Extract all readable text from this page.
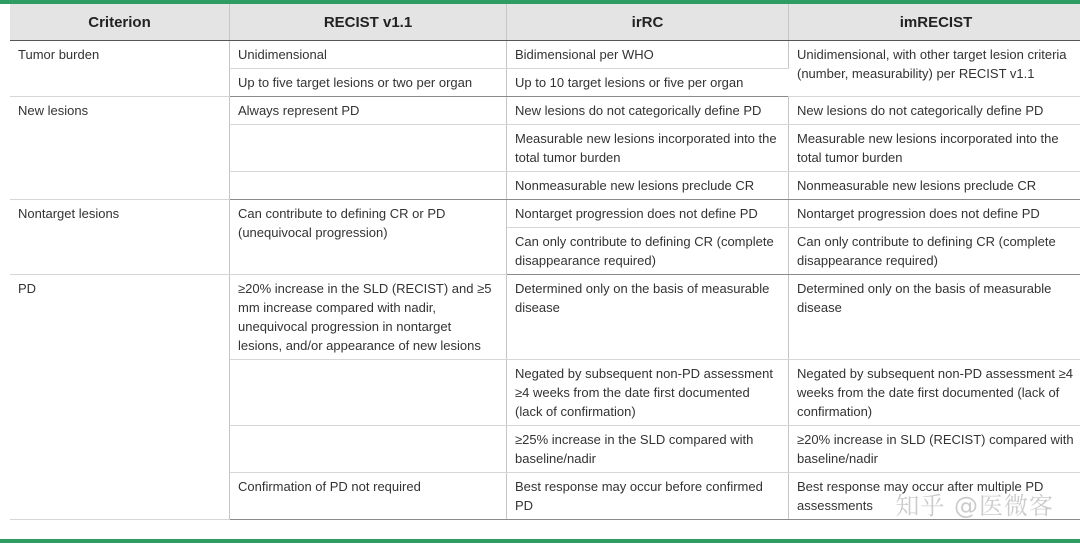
Criterion	RECIST v1.1	irRC	imRECIST
Tumor burden	Unidimensional	Bidimensional per WHO	Unidimensional, with other target lesion criteria (number, measurability) per RECIST v1.1
	Up to five target lesions or two per organ	Up to 10 target lesions or five per organ	
New lesions	Always represent PD	New lesions do not categorically define PD	New lesions do not categorically define PD
		Measurable new lesions incorporated into the total tumor burden	Measurable new lesions incorporated into the total tumor burden
		Nonmeasurable new lesions preclude CR	Nonmeasurable new lesions preclude CR
Nontarget lesions	Can contribute to defining CR or PD (unequivocal progression)	Nontarget progression does not define PD	Nontarget progression does not define PD
		Can only contribute to defining CR (complete disappearance required)	Can only contribute to defining CR (complete disappearance required)
PD	≥20% increase in the SLD (RECIST) and ≥5 mm increase compared with nadir, unequivocal progression in nontarget lesions, and/or appearance of new lesions	Determined only on the basis of measurable disease	Determined only on the basis of measurable disease
		Negated by subsequent non-PD assessment ≥4 weeks from the date first documented (lack of confirmation)	Negated by subsequent non-PD assessment ≥4 weeks from the date first documented (lack of confirmation)
		≥25% increase in the SLD compared with baseline/nadir	≥20% increase in SLD (RECIST) compared with baseline/nadir
	Confirmation of PD not required	Best response may occur before confirmed PD	Best response may occur after multiple PD assessments 知乎 @医微客
